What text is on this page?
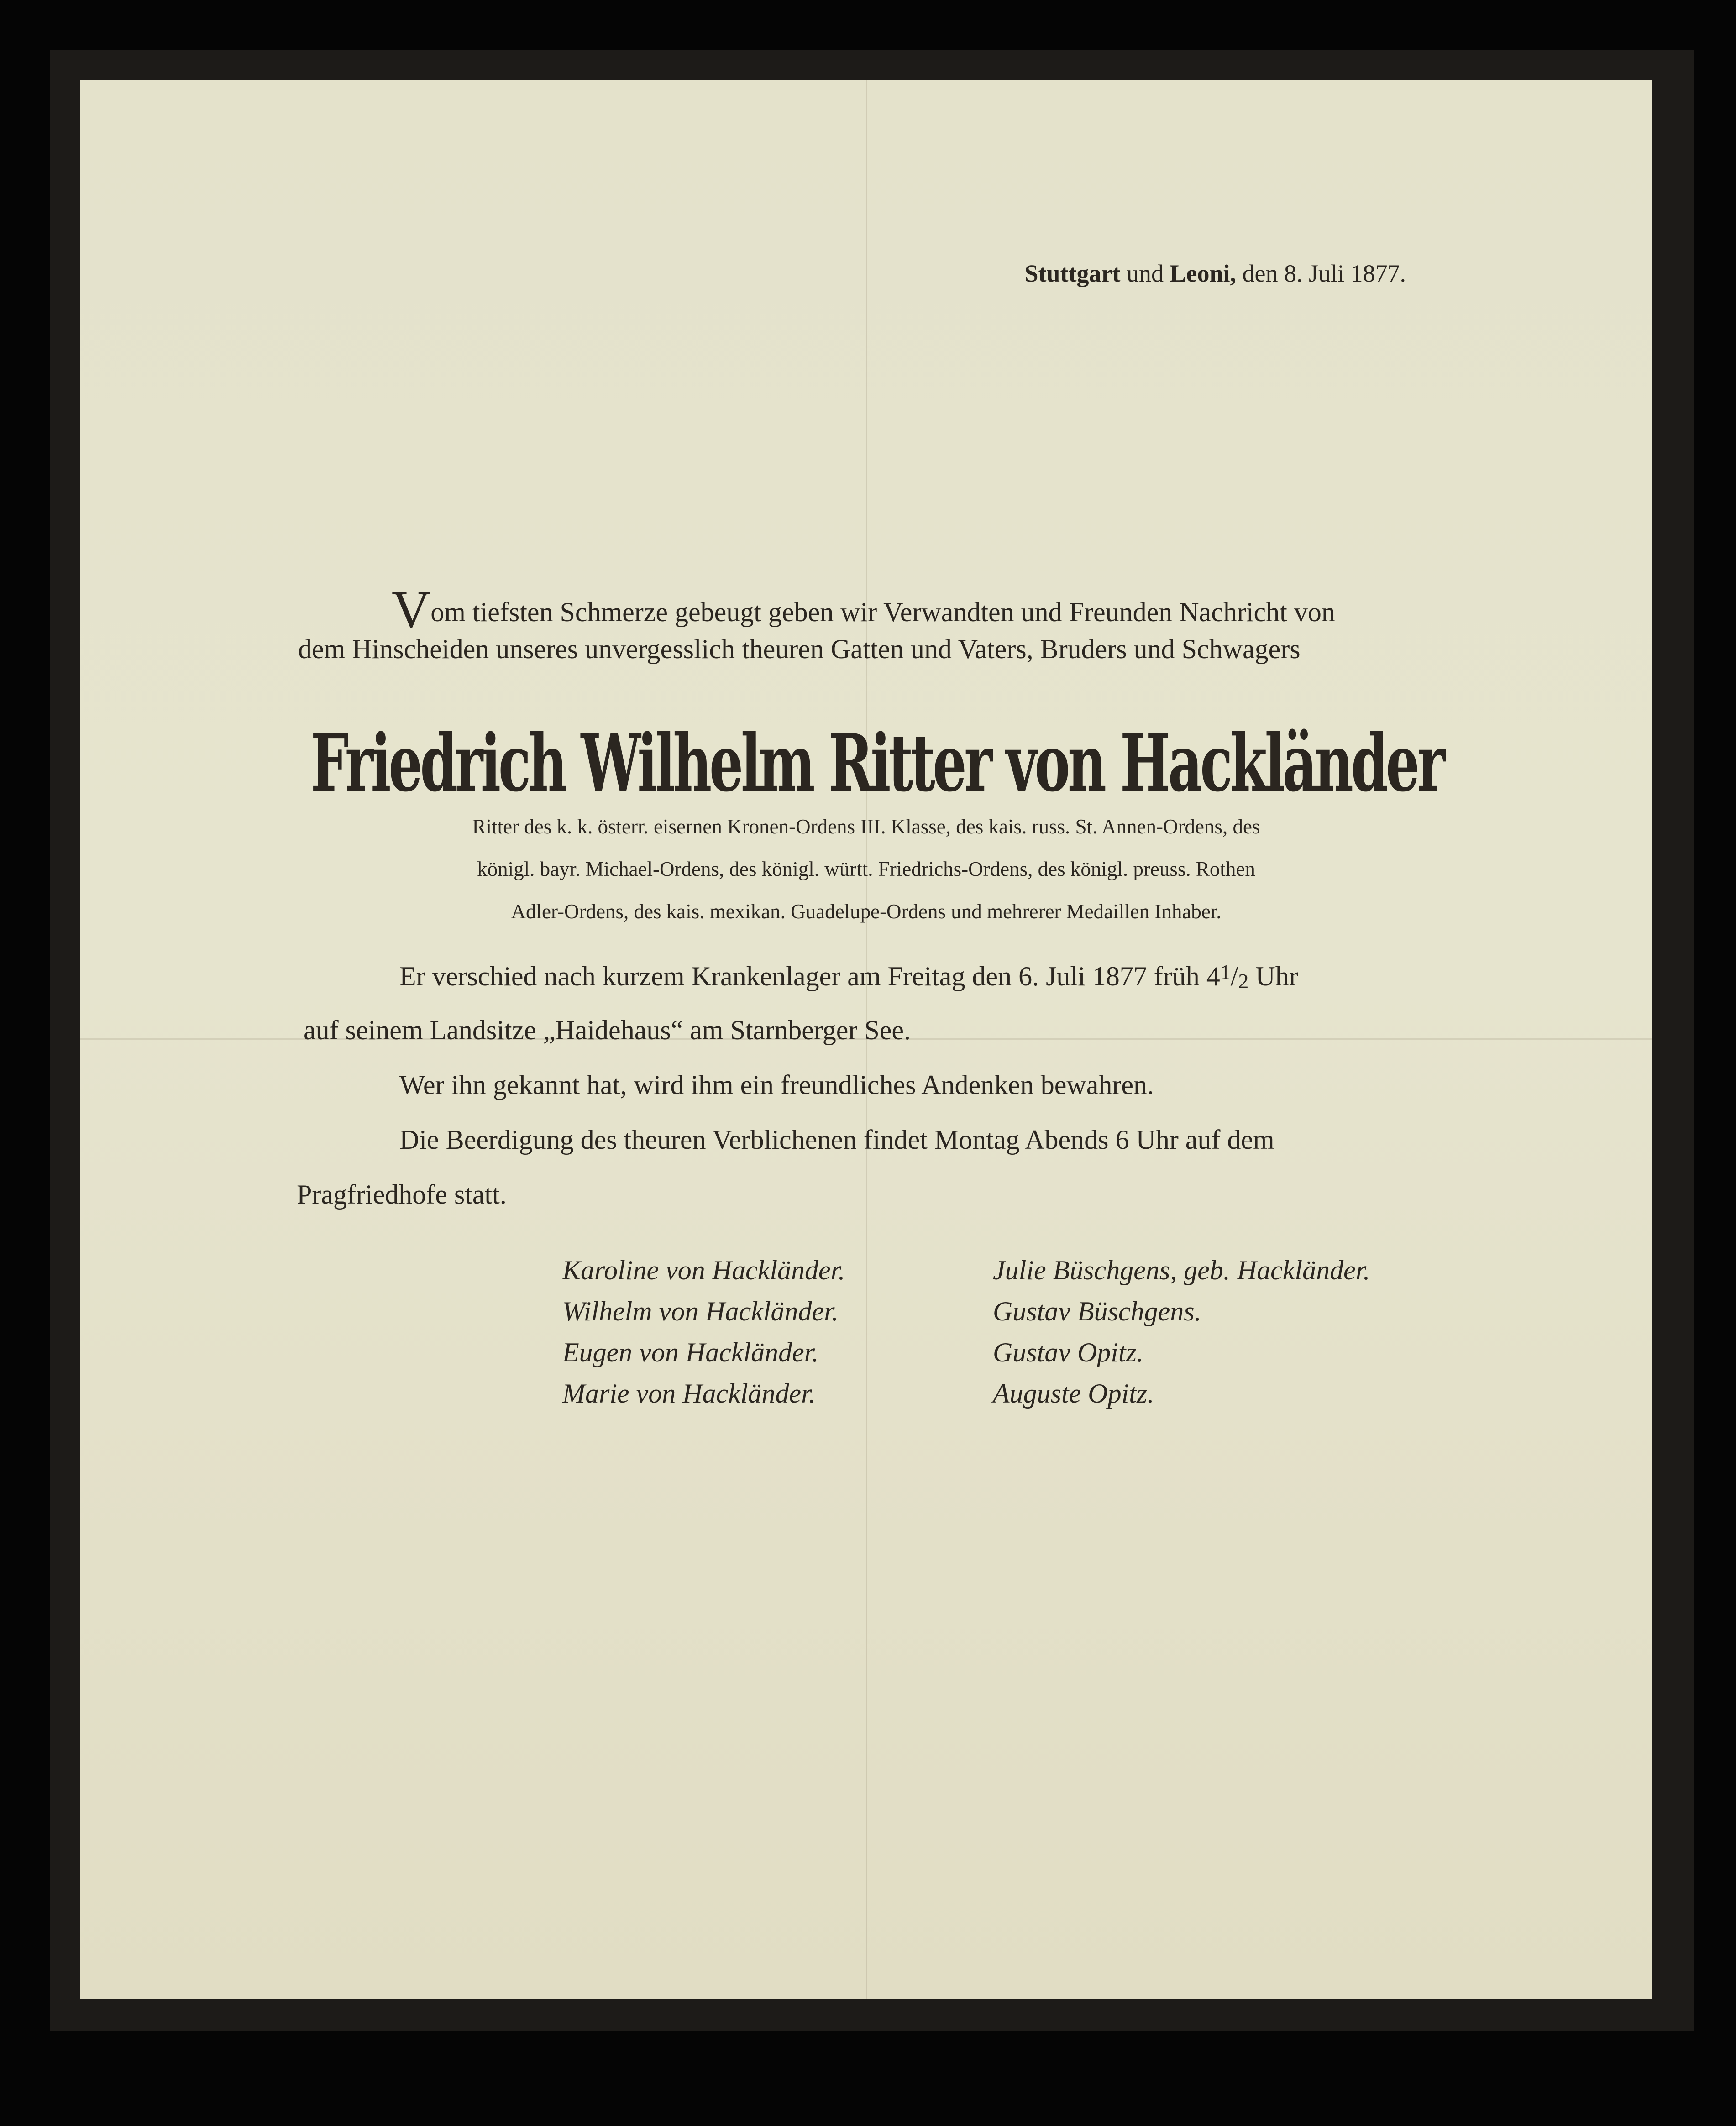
Stuttgart und Leoni, den 8. Juli 1877.
Vom tiefsten Schmerze gebeugt geben wir Verwandten und Freunden Nachricht von
dem Hinscheiden unseres unvergesslich theuren Gatten und Vaters, Bruders und Schwagers
Friedrich Wilhelm Ritter von Hackländer
Ritter des k. k. österr. eisernen Kronen-Ordens III. Klasse, des kais. russ. St. Annen-Ordens, des
königl. bayr. Michael-Ordens, des königl. württ. Friedrichs-Ordens, des königl. preuss. Rothen
Adler-Ordens, des kais. mexikan. Guadelupe-Ordens und mehrerer Medaillen Inhaber.
Er verschied nach kurzem Krankenlager am Freitag den 6. Juli 1877 früh $4^1/2$ Uhr
auf seinem Landsitze „Haidehaus“ am Starnberger See.
Wer ihn gekannt hat, wird ihm ein freundliches Andenken bewahren.
Die Beerdigung des theuren Verblichenen findet Montag Abends 6 Uhr auf dem
Pragfriedhofe statt.
Karoline von Hackländer.
Wilhelm von Hackländer.
Eugen von Hackländer.
Marie von Hackländer.
Julie Büschgens, geb. Hackländer.
Gustav Büschgens.
Gustav Opitz.
Auguste Opitz.
